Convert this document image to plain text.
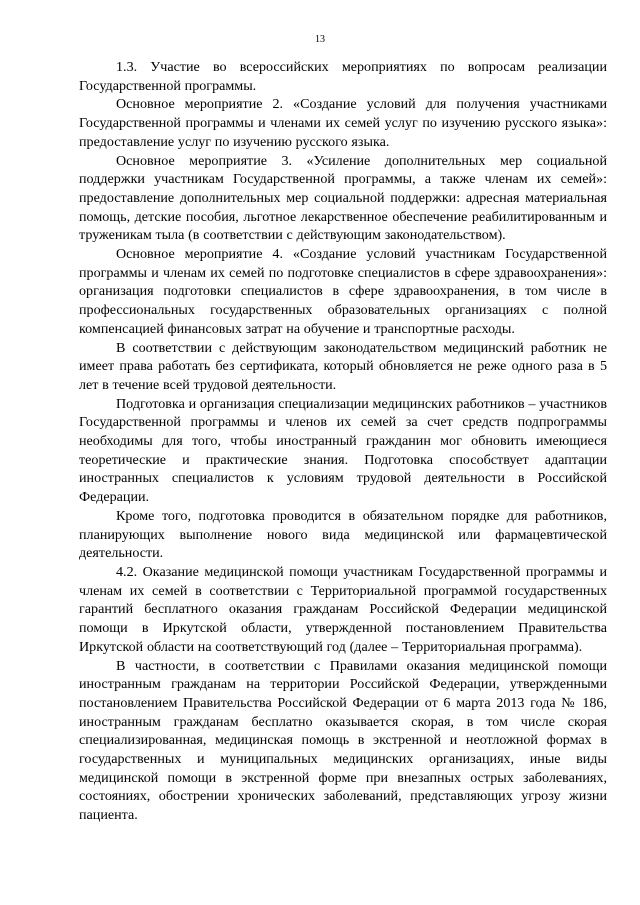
13

1.3. Участие во всероссийских мероприятиях по вопросам реализации Государственной программы.

Основное мероприятие 2. «Создание условий для получения участниками Государственной программы и членами их семей услуг по изучению русского языка»: предоставление услуг по изучению русского языка.

Основное мероприятие 3. «Усиление дополнительных мер социальной поддержки участникам Государственной программы, а также членам их семей»: предоставление дополнительных мер социальной поддержки: адресная материальная помощь, детские пособия, льготное лекарственное обеспечение реабилитированным и труженикам тыла (в соответствии с действующим законодательством).

Основное мероприятие 4. «Создание условий участникам Государственной программы и членам их семей по подготовке специалистов в сфере здравоохранения»: организация подготовки специалистов в сфере здравоохранения, в том числе в профессиональных государственных образовательных организациях с полной компенсацией финансовых затрат на обучение и транспортные расходы.

В соответствии с действующим законодательством медицинский работник не имеет права работать без сертификата, который обновляется не реже одного раза в 5 лет в течение всей трудовой деятельности.

Подготовка и организация специализации медицинских работников – участников Государственной программы и членов их семей за счет средств подпрограммы необходимы для того, чтобы иностранный гражданин мог обновить имеющиеся теоретические и практические знания. Подготовка способствует адаптации иностранных специалистов к условиям трудовой деятельности в Российской Федерации.

Кроме того, подготовка проводится в обязательном порядке для работников, планирующих выполнение нового вида медицинской или фармацевтической деятельности.

4.2. Оказание медицинской помощи участникам Государственной программы и членам их семей в соответствии с Территориальной программой государственных гарантий бесплатного оказания гражданам Российской Федерации медицинской помощи в Иркутской области, утвержденной постановлением Правительства Иркутской области на соответствующий год (далее – Территориальная программа).

В частности, в соответствии с Правилами оказания медицинской помощи иностранным гражданам на территории Российской Федерации, утвержденными постановлением Правительства Российской Федерации от 6 марта 2013 года № 186, иностранным гражданам бесплатно оказывается скорая, в том числе скорая специализированная, медицинская помощь в экстренной и неотложной формах в государственных и муниципальных медицинских организациях, иные виды медицинской помощи в экстренной форме при внезапных острых заболеваниях, состояниях, обострении хронических заболеваний, представляющих угрозу жизни пациента.
